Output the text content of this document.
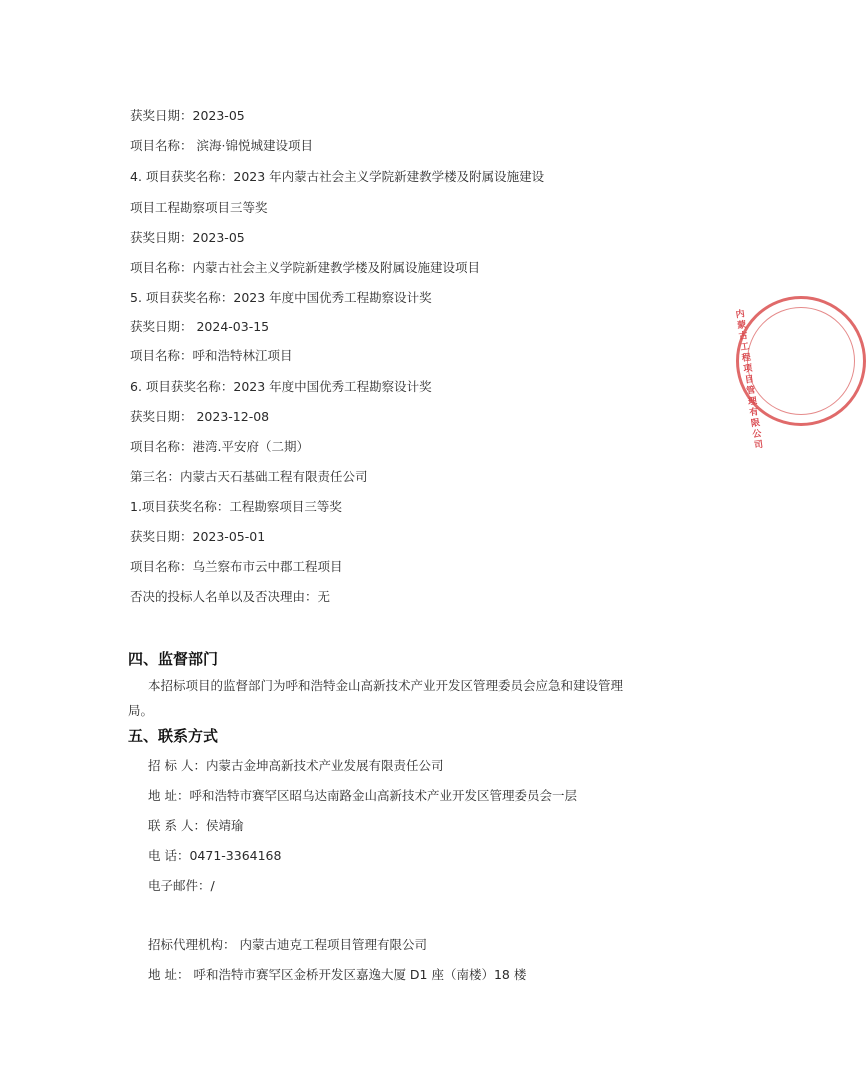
获奖日期：2023-05
项目名称： 滨海·锦悦城建设项目
4. 项目获奖名称：2023 年内蒙古社会主义学院新建教学楼及附属设施建设
项目工程勘察项目三等奖
获奖日期：2023-05
项目名称：内蒙古社会主义学院新建教学楼及附属设施建设项目
5. 项目获奖名称：2023 年度中国优秀工程勘察设计奖
获奖日期： 2024-03-15
项目名称：呼和浩特林江项目
6. 项目获奖名称：2023 年度中国优秀工程勘察设计奖
获奖日期： 2023-12-08
项目名称：港湾.平安府（二期）
第三名：内蒙古天石基础工程有限责任公司
1.项目获奖名称：工程勘察项目三等奖
获奖日期：2023-05-01
项目名称：乌兰察布市云中郡工程项目
否决的投标人名单以及否决理由：无
四、监督部门
本招标项目的监督部门为呼和浩特金山高新技术产业开发区管理委员会应急和建设管理
局。
五、联系方式
招 标 人：内蒙古金坤高新技术产业发展有限责任公司
地 址：呼和浩特市赛罕区昭乌达南路金山高新技术产业开发区管理委员会一层
联 系 人：侯靖瑜
电 话：0471-3364168
电子邮件：/
招标代理机构： 内蒙古迪克工程项目管理有限公司
地 址： 呼和浩特市赛罕区金桥开发区嘉逸大厦 D1 座（南楼）18 楼
内蒙古工程项目管理有限公司
